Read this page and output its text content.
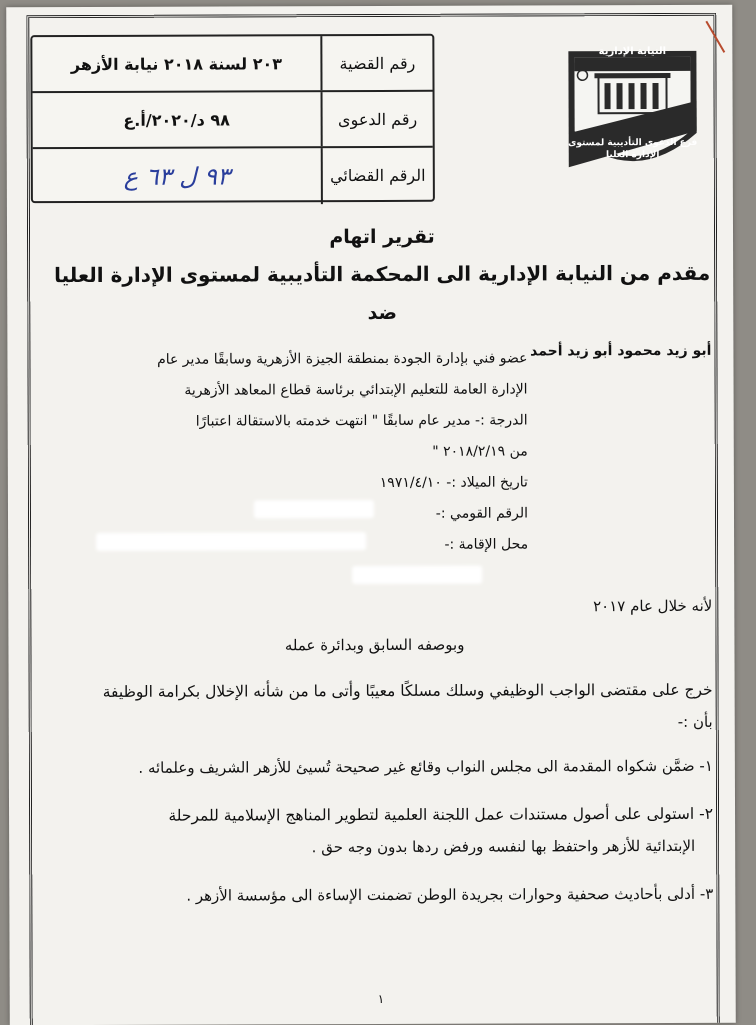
رقم القضية
٢٠٣ لسنة ٢٠١٨ نيابة الأزهر
رقم الدعوى
٩٨ د/٢٠٢٠/أ.ع
الرقم القضائي
٩٣ ل ٦٣ ع
النيابة الإدارية
فرع الدعوى التأديبية لمستوى الإدارة العليا
تقرير اتهام
مقدم من النيابة الإدارية الى المحكمة التأديبية لمستوى الإدارة العليا
ضد
أبو زيد محمود أبو زيد أحمد
عضو فني بإدارة الجودة بمنطقة الجيزة الأزهرية وسابقًا مدير عام
الإدارة العامة للتعليم الإبتدائي برئاسة قطاع المعاهد الأزهرية
الدرجة :- مدير عام سابقًا " انتهت خدمته بالاستقالة اعتبارًا
من ٢٠١٨/٢/١٩ "
تاريخ الميلاد :- ١٩٧١/٤/١٠
الرقم القومي :-
محل الإقامة :-
لأنه خلال عام ٢٠١٧
وبوصفه السابق وبدائرة عمله
خرج على مقتضى الواجب الوظيفي وسلك مسلكًا معيبًا وأتى ما من شأنه الإخلال بكرامة الوظيفة
بأن :-
١- ضمَّن شكواه المقدمة الى مجلس النواب وقائع غير صحيحة تُسيئ للأزهر الشريف وعلمائه .
٢- استولى على أصول مستندات عمل اللجنة العلمية لتطوير المناهج الإسلامية للمرحلة
الإبتدائية للأزهر واحتفظ بها لنفسه ورفض ردها بدون وجه حق .
٣- أدلى بأحاديث صحفية وحوارات بجريدة الوطن تضمنت الإساءة الى مؤسسة الأزهر .
١
